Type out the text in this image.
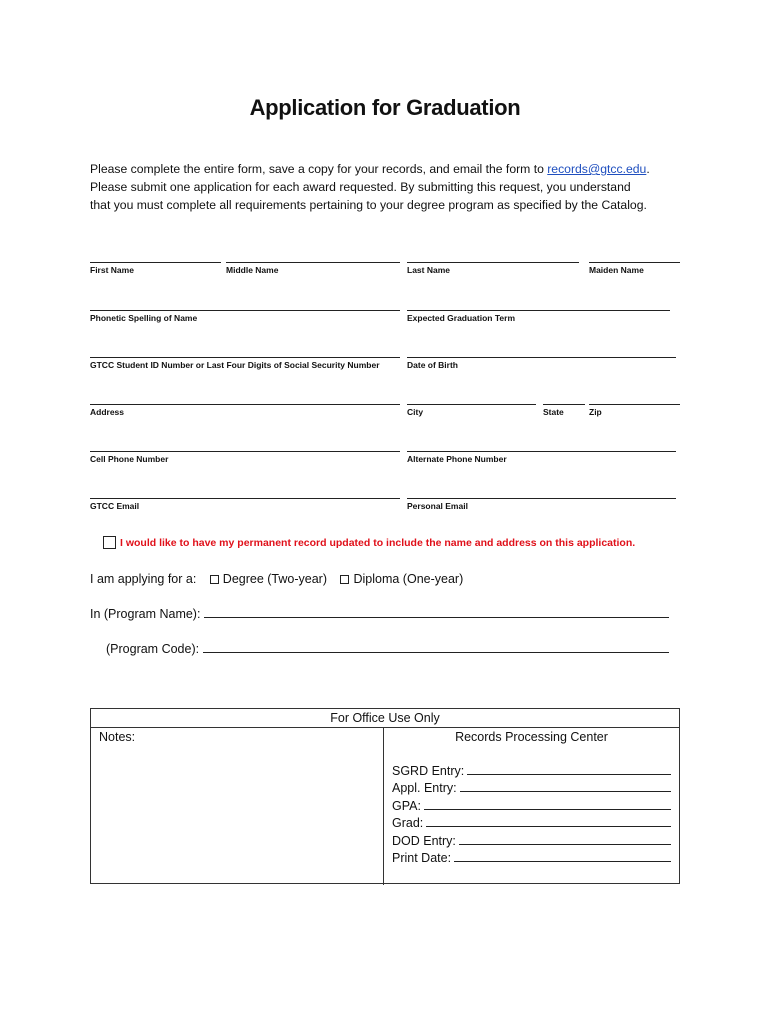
Application for Graduation
Please complete the entire form, save a copy for your records, and email the form to records@gtcc.edu.
Please submit one application for each award requested. By submitting this request, you understand
that you must complete all requirements pertaining to your degree program as specified by the Catalog.
First Name	Middle Name	Last Name	Maiden Name
Phonetic Spelling of Name	Expected Graduation Term
GTCC Student ID Number or Last Four Digits of Social Security Number	Date of Birth
Address	City	State	Zip
Cell Phone Number	Alternate Phone Number
GTCC Email	Personal Email
I would like to have my permanent record updated to include the name and address on this application.
I am applying for a: Degree (Two-year) Diploma (One-year)
In (Program Name):
(Program Code):
For Office Use Only
Notes:	Records Processing Center
SGRD Entry:
Appl. Entry:
GPA:
Grad:
DOD Entry:
Print Date:
